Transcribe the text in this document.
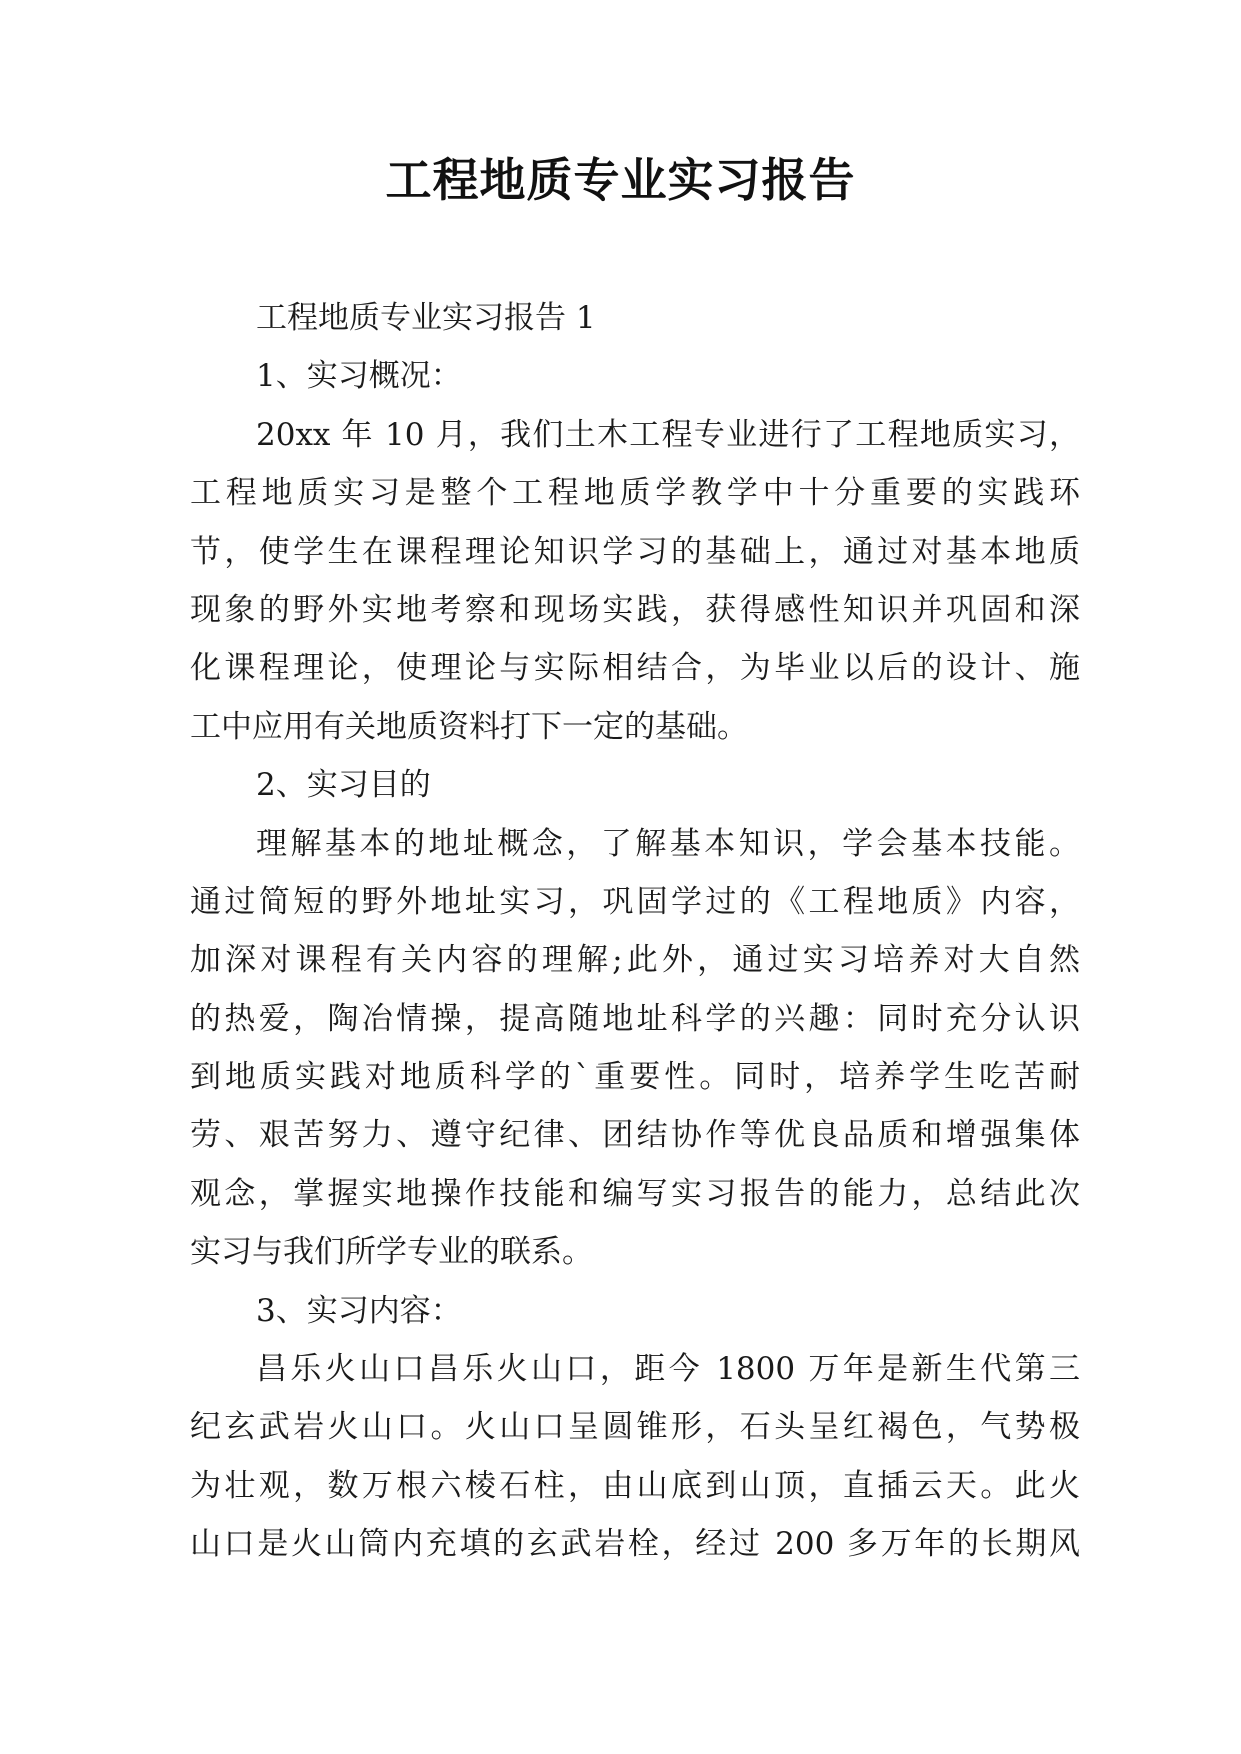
工程地质专业实习报告
工程地质专业实习报告 1
1、实习概况：
20xx 年 10 月，我们土木工程专业进行了工程地质实习，
工程地质实习是整个工程地质学教学中十分重要的实践环
节，使学生在课程理论知识学习的基础上，通过对基本地质
现象的野外实地考察和现场实践，获得感性知识并巩固和深
化课程理论，使理论与实际相结合，为毕业以后的设计、施
工中应用有关地质资料打下一定的基础。
2、实习目的
理解基本的地址概念，了解基本知识，学会基本技能。
通过简短的野外地址实习，巩固学过的《工程地质》内容，
加深对课程有关内容的理解;此外，通过实习培养对大自然
的热爱，陶冶情操，提高随地址科学的兴趣：同时充分认识
到地质实践对地质科学的`重要性。同时，培养学生吃苦耐
劳、艰苦努力、遵守纪律、团结协作等优良品质和增强集体
观念，掌握实地操作技能和编写实习报告的能力，总结此次
实习与我们所学专业的联系。
3、实习内容：
昌乐火山口昌乐火山口，距今 1800 万年是新生代第三
纪玄武岩火山口。火山口呈圆锥形，石头呈红褐色，气势极
为壮观，数万根六棱石柱，由山底到山顶，直插云天。此火
山口是火山筒内充填的玄武岩栓，经过 200 多万年的长期风
